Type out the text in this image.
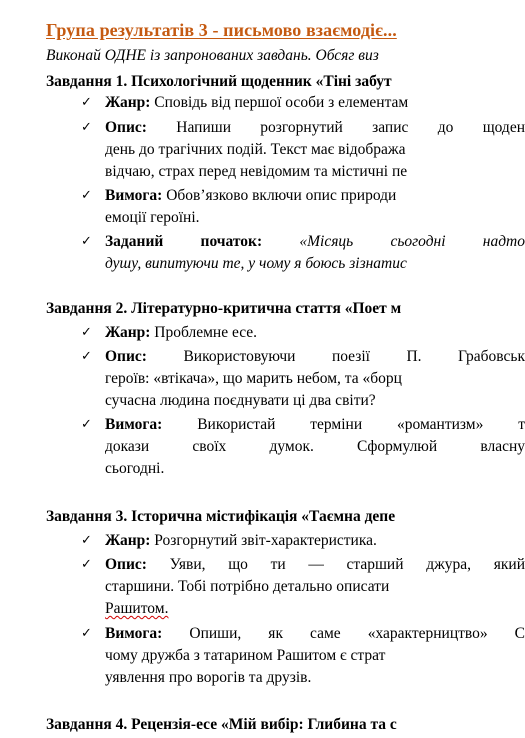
Група результатів 3 - письмово взаємодіє...
Виконай ОДНЕ із запронованих завдань. Обсяг виз
Завдання 1. Психологічний щоденник «Тіні забут
✓ Жанр: Сповідь від першої особи з елементам
✓ Опис: Напиши розгорнутий запис до щоден
день до трагічних подій. Текст має відобража
відчаю, страх перед невідомим та містичні пе
✓ Вимога: Обов’язково включи опис природи
емоції героїні.
✓ Заданий початок: «Місяць сьогодні надто
душу, випитуючи те, у чому я боюсь зізнатис
Завдання 2. Літературно-критична стаття «Поет м
✓ Жанр: Проблемне есе.
✓ Опис: Використовуючи поезії П. Грабовськ
героїв: «втікача», що марить небом, та «борц
сучасна людина поєднувати ці два світи?
✓ Вимога: Використай терміни «романтизм» т
докази своїх думок. Сформулюй власну
сьогодні.
Завдання 3. Історична містифікація «Таємна депе
✓ Жанр: Розгорнутий звіт-характеристика.
✓ Опис: Уяви, що ти — старший джура, який
старшини. Тобі потрібно детально описати
Рашитом.
✓ Вимога: Опиши, як саме «характерництво» С
чому дружба з татарином Рашитом є страт
уявлення про ворогів та друзів.
Завдання 4. Рецензія-есе «Мій вибір: Глибина та с
